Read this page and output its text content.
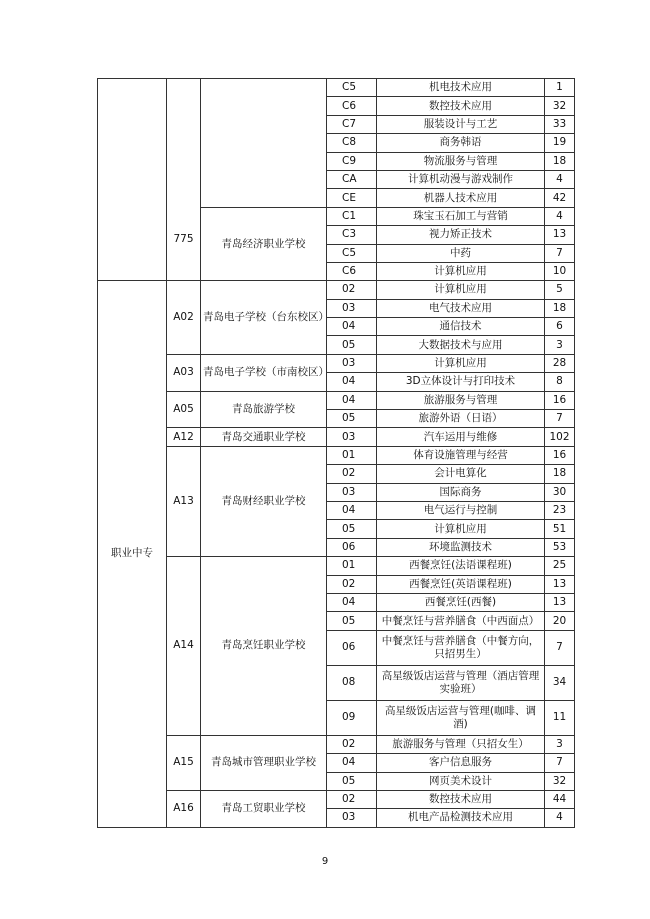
	775		C5	机电技术应用	1
			C6	数控技术应用	32
			C7	服装设计与工艺	33
			C8	商务韩语	19
			C9	物流服务与管理	18
			CA	计算机动漫与游戏制作	4
			CE	机器人技术应用	42
		青岛经济职业学校	C1	珠宝玉石加工与营销	4
			C3	视力矫正技术	13
			C5	中药	7
			C6	计算机应用	10
职业中专	A02	青岛电子学校（台东校区）	02	计算机应用	5
			03	电气技术应用	18
			04	通信技术	6
			05	大数据技术与应用	3
	A03	青岛电子学校（市南校区）	03	计算机应用	28
			04	3D立体设计与打印技术	8
	A05	青岛旅游学校	04	旅游服务与管理	16
			05	旅游外语（日语）	7
	A12	青岛交通职业学校	03	汽车运用与维修	102
	A13	青岛财经职业学校	01	体育设施管理与经营	16
			02	会计电算化	18
			03	国际商务	30
			04	电气运行与控制	23
			05	计算机应用	51
			06	环境监测技术	53
	A14	青岛烹饪职业学校	01	西餐烹饪(法语课程班)	25
			02	西餐烹饪(英语课程班)	13
			04	西餐烹饪(西餐)	13
			05	中餐烹饪与营养膳食（中西面点）	20
			06	中餐烹饪与营养膳食（中餐方向，只招男生）	7
			08	高星级饭店运营与管理（酒店管理实验班）	34
			09	高星级饭店运营与管理(咖啡、调酒)	11
	A15	青岛城市管理职业学校	02	旅游服务与管理（只招女生）	3
			04	客户信息服务	7
			05	网页美术设计	32
	A16	青岛工贸职业学校	02	数控技术应用	44
			03	机电产品检测技术应用	4
9
